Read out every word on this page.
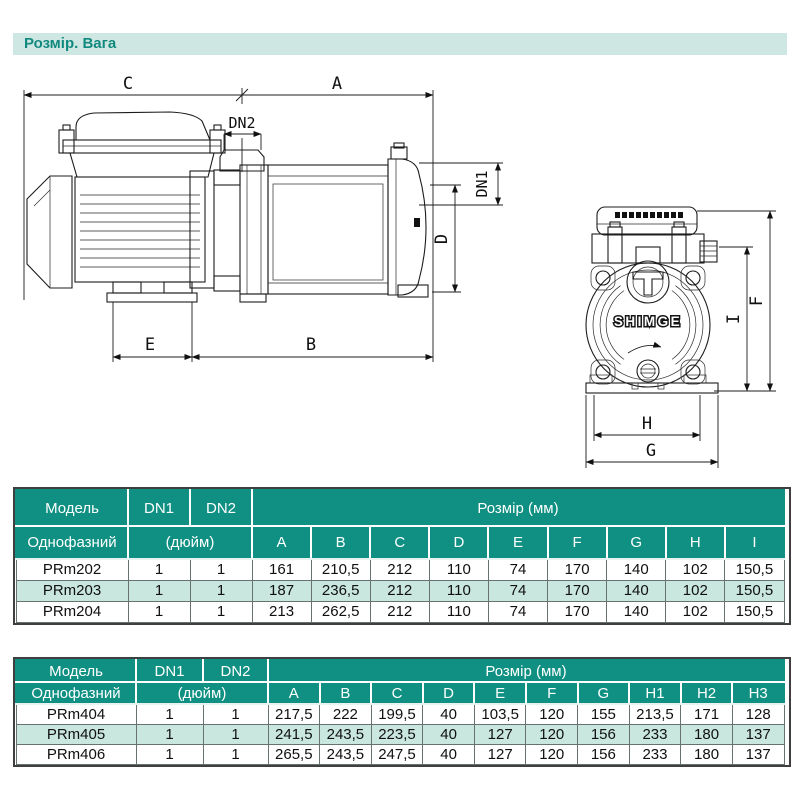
Розмір. Вага
C	A
DN2
DN1
D
E	B
SHIMGE
F
I
H
G
Модель	DN1	DN2	Розмір (мм)								
Однофазний	(дюйм)		A	B	C	D	E	F	G	H	I
PRm202	1	1	161	210,5	212	110	74	170	140	102	150,5
PRm203	1	1	187	236,5	212	110	74	170	140	102	150,5
PRm204	1	1	213	262,5	212	110	74	170	140	102	150,5
Модель	DN1	DN2	Розмір (мм)									
Однофазний	(дюйм)		A	B	C	D	E	F	G	H1	H2	H3
PRm404	1	1	217,5	222	199,5	40	103,5	120	155	213,5	171	128
PRm405	1	1	241,5	243,5	223,5	40	127	120	156	233	180	137
PRm406	1	1	265,5	243,5	247,5	40	127	120	156	233	180	137
